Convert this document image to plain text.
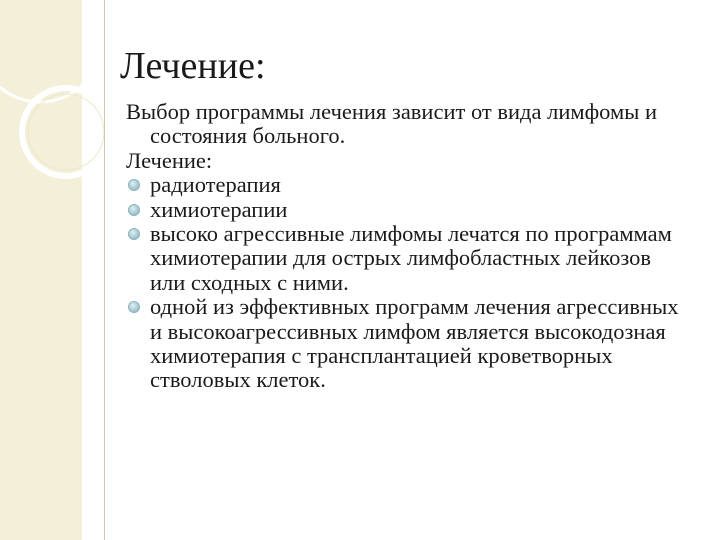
Лечение:

Выбор программы лечения зависит от вида лимфомы и состояния больного.

Лечение:

радиотерапия
химиотерапии
высоко агрессивные лимфомы лечатся по программам химиотерапии для острых лимфобластных лейкозов или сходных с ними.
одной из эффективных программ лечения агрессивных и высокоагрессивных лимфом является высокодозная химиотерапия с трансплантацией кроветворных стволовых клеток.
